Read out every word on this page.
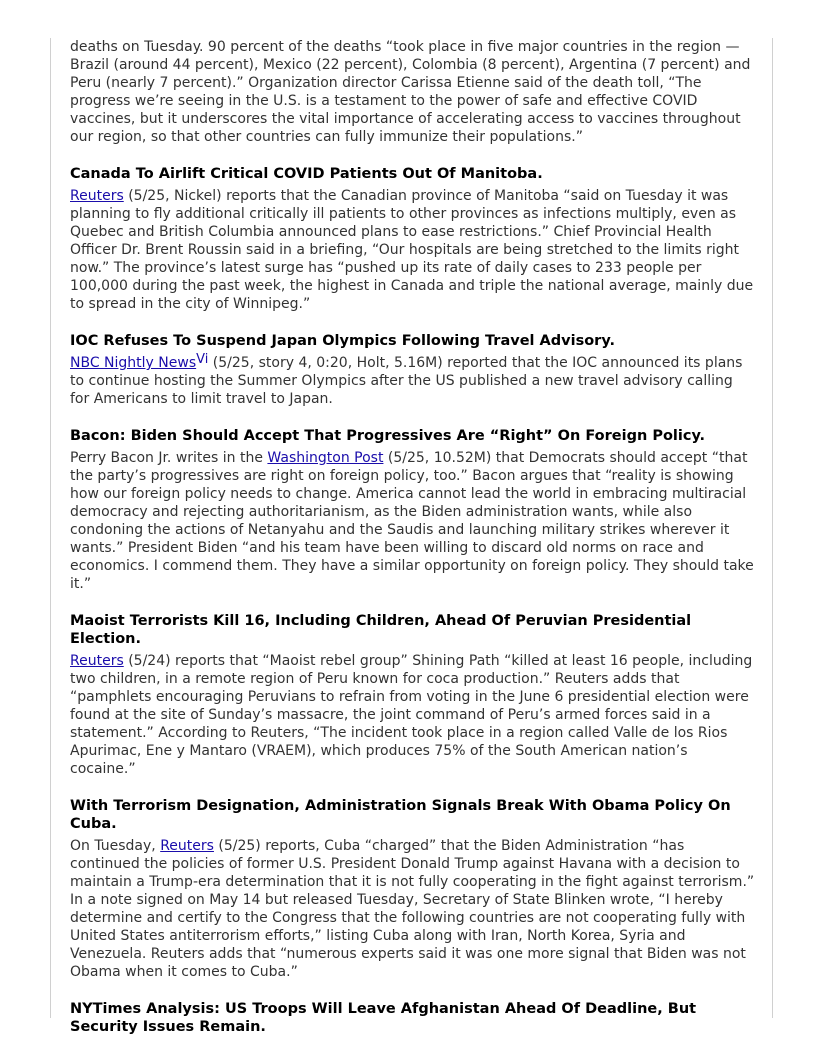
deaths on Tuesday. 90 percent of the deaths “took place in five major countries in the region — Brazil (around 44 percent), Mexico (22 percent), Colombia (8 percent), Argentina (7 percent) and Peru (nearly 7 percent).” Organization director Carissa Etienne said of the death toll, “The progress we’re seeing in the U.S. is a testament to the power of safe and effective COVID vaccines, but it underscores the vital importance of accelerating access to vaccines throughout our region, so that other countries can fully immunize their populations.”

Canada To Airlift Critical COVID Patients Out Of Manitoba.

Reuters (5/25, Nickel) reports that the Canadian province of Manitoba “said on Tuesday it was planning to fly additional critically ill patients to other provinces as infections multiply, even as Quebec and British Columbia announced plans to ease restrictions.” Chief Provincial Health Officer Dr. Brent Roussin said in a briefing, “Our hospitals are being stretched to the limits right now.” The province’s latest surge has “pushed up its rate of daily cases to 233 people per 100,000 during the past week, the highest in Canada and triple the national average, mainly due to spread in the city of Winnipeg.”

IOC Refuses To Suspend Japan Olympics Following Travel Advisory.

NBC Nightly News$^{Vi}$ (5/25, story 4, 0:20, Holt, 5.16M) reported that the IOC announced its plans to continue hosting the Summer Olympics after the US published a new travel advisory calling for Americans to limit travel to Japan.

Bacon: Biden Should Accept That Progressives Are “Right” On Foreign Policy.

Perry Bacon Jr. writes in the Washington Post (5/25, 10.52M) that Democrats should accept “that the party’s progressives are right on foreign policy, too.” Bacon argues that “reality is showing how our foreign policy needs to change. America cannot lead the world in embracing multiracial democracy and rejecting authoritarianism, as the Biden administration wants, while also condoning the actions of Netanyahu and the Saudis and launching military strikes wherever it wants.” President Biden “and his team have been willing to discard old norms on race and economics. I commend them. They have a similar opportunity on foreign policy. They should take it.”

Maoist Terrorists Kill 16, Including Children, Ahead Of Peruvian Presidential Election.

Reuters (5/24) reports that “Maoist rebel group” Shining Path “killed at least 16 people, including two children, in a remote region of Peru known for coca production.” Reuters adds that “pamphlets encouraging Peruvians to refrain from voting in the June 6 presidential election were found at the site of Sunday’s massacre, the joint command of Peru’s armed forces said in a statement.” According to Reuters, “The incident took place in a region called Valle de los Rios Apurimac, Ene y Mantaro (VRAEM), which produces 75% of the South American nation’s cocaine.”

With Terrorism Designation, Administration Signals Break With Obama Policy On Cuba.

On Tuesday, Reuters (5/25) reports, Cuba “charged” that the Biden Administration “has continued the policies of former U.S. President Donald Trump against Havana with a decision to maintain a Trump-era determination that it is not fully cooperating in the fight against terrorism.” In a note signed on May 14 but released Tuesday, Secretary of State Blinken wrote, “I hereby determine and certify to the Congress that the following countries are not cooperating fully with United States antiterrorism efforts,” listing Cuba along with Iran, North Korea, Syria and Venezuela. Reuters adds that “numerous experts said it was one more signal that Biden was not Obama when it comes to Cuba.”

NYTimes Analysis: US Troops Will Leave Afghanistan Ahead Of Deadline, But Security Issues Remain.
